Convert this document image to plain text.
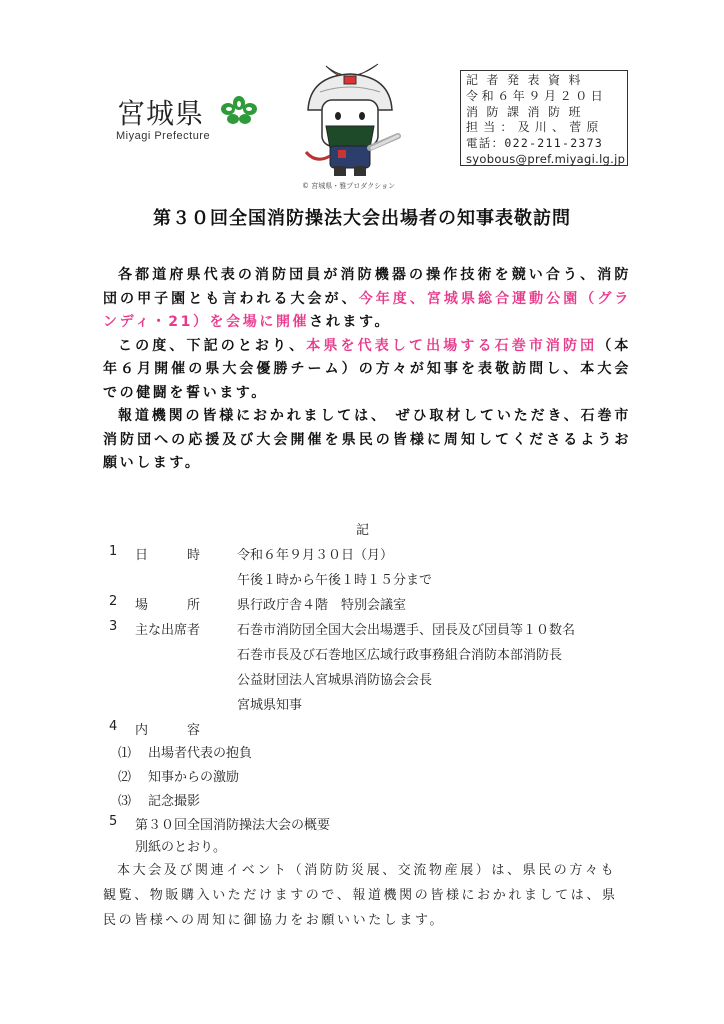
宮城県
Miyagi Prefecture
© 宮城県・雅プロダクション
記者発表資料
令和６年９月２０日
消防課消防班
担当：及川、菅原
電話：022-211-2373
syobous@pref.miyagi.lg.jp
第３０回全国消防操法大会出場者の知事表敬訪問

各都道府県代表の消防団員が消防機器の操作技術を競い合う、消防団の甲子園とも言われる大会が、今年度、宮城県総合運動公園（グランディ・21）を会場に開催されます。

この度、下記のとおり、本県を代表して出場する石巻市消防団（本年６月開催の県大会優勝チーム）の方々が知事を表敬訪問し、本大会での健闘を誓います。

報道機関の皆様におかれましては、 ぜひ取材していただき、石巻市消防団への応援及び大会開催を県民の皆様に周知してくださるようお願いします。

記
1 日　　　時	令和６年９月３０日（月）
午後１時から午後１時１５分まで
2 場　　　所	県行政庁舎４階　特別会議室
3 主な出席者	石巻市消防団全国大会出場選手、団長及び団員等１０数名
石巻市長及び石巻地区広域行政事務組合消防本部消防長
公益財団法人宮城県消防協会会長
宮城県知事
4 内　　　容
⑴ 出場者代表の抱負
⑵ 知事からの激励
⑶ 記念撮影
5 第３０回全国消防操法大会の概要
別紙のとおり。

本大会及び関連イベント（消防防災展、交流物産展）は、県民の方々も観覧、物販購入いただけますので、報道機関の皆様におかれましては、県民の皆様への周知に御協力をお願いいたします。
